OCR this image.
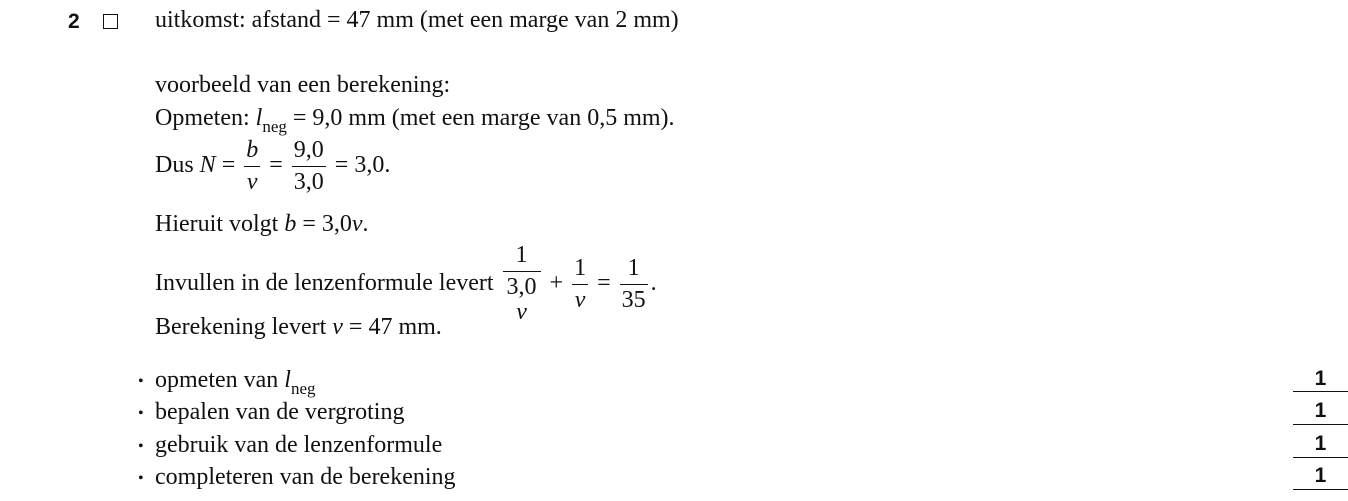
2	uitkomst: afstand = 47 mm (met een marge van 2 mm)
voorbeeld van een berekening:
Opmeten: $l_{neg} = 9,0$ mm (met een marge van 0,5 mm).
Dus $N = \frac{b}{v} = \frac{9,0}{3,0} = 3,0$.
Hieruit volgt b = 3,0v.
Invullen in de lenzenformule levert 1
3,0
$v + \frac{1}{v} = \frac{1}{35}$ .
Berekening levert v = 47 mm.
• opmeten van $l_{neg}$	1
• bepalen van de vergroting	1
• gebruik van de lenzenformule	1
• completeren van de berekening	1
